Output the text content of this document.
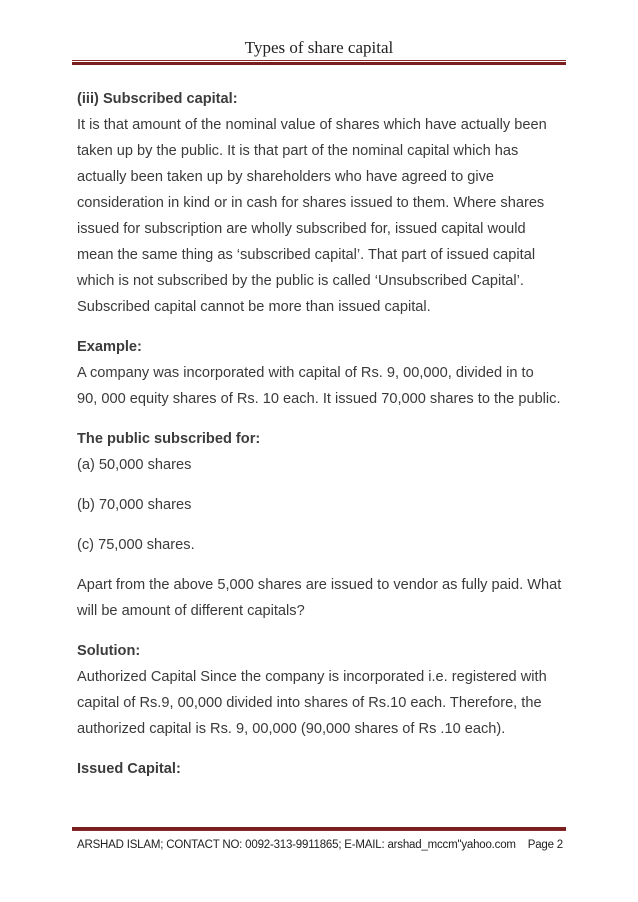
Types of share capital

(iii) Subscribed capital:

It is that amount of the nominal value of shares which have actually been

taken up by the public. It is that part of the nominal capital which has

actually been taken up by shareholders who have agreed to give

consideration in kind or in cash for shares issued to them. Where shares

issued for subscription are wholly subscribed for, issued capital would

mean the same thing as ‘subscribed capital’. That part of issued capital

which is not subscribed by the public is called ‘Unsubscribed Capital’.

Subscribed capital cannot be more than issued capital.

Example:

A company was incorporated with capital of Rs. 9, 00,000, divided in to

90, 000 equity shares of Rs. 10 each. It issued 70,000 shares to the public.

The public subscribed for:

(a) 50,000 shares

(b) 70,000 shares

(c) 75,000 shares.

Apart from the above 5,000 shares are issued to vendor as fully paid. What

will be amount of different capitals?

Solution:

Authorized Capital Since the company is incorporated i.e. registered with

capital of Rs.9, 00,000 divided into shares of Rs.10 each. Therefore, the

authorized capital is Rs. 9, 00,000 (90,000 shares of Rs .10 each).

Issued Capital:

ARSHAD ISLAM; CONTACT NO: 0092-313-9911865; E-MAIL: arshad_mccm"yahoo.com Page 2
